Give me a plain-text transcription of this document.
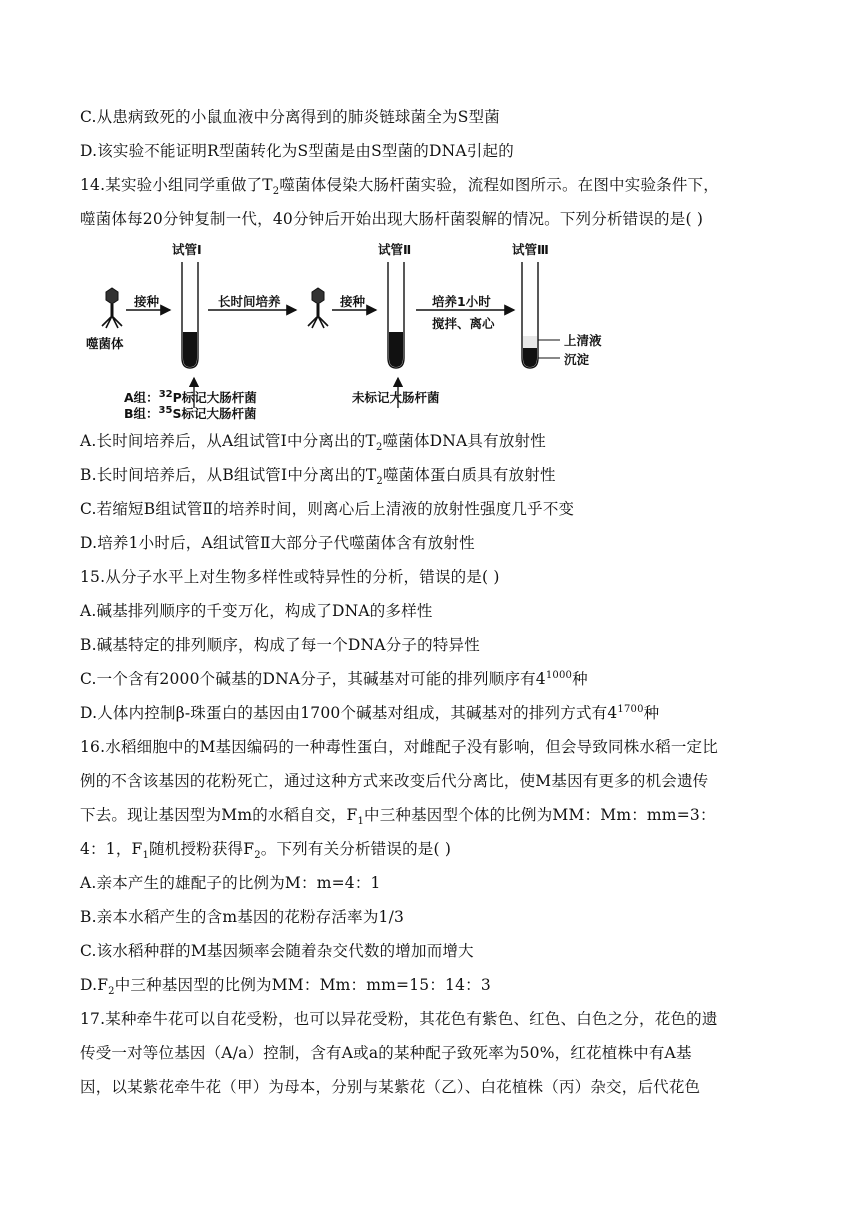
C.从患病致死的小鼠血液中分离得到的肺炎链球菌全为S型菌
D.该实验不能证明R型菌转化为S型菌是由S型菌的DNA引起的
14.某实验小组同学重做了$T_2$噬菌体侵染大肠杆菌实验，流程如图所示。在图中实验条件下，
噬菌体每20分钟复制一代，40分钟后开始出现大肠杆菌裂解的情况。下列分析错误的是( )
试管Ⅰ	试管Ⅱ	试管Ⅲ
噬菌体
接种	长时间培养	接种	培养1小时
搅拌、离心
上清液
沉淀
A组：$^{32}$P标记大肠杆菌
B组：$^{35}$S标记大肠杆菌
未标记大肠杆菌
A.长时间培养后，从A组试管I中分离出的$T_2$噬菌体DNA具有放射性
B.长时间培养后，从B组试管I中分离出的$T_2$噬菌体蛋白质具有放射性
C.若缩短B组试管Ⅱ的培养时间，则离心后上清液的放射性强度几乎不变
D.培养1小时后，A组试管Ⅱ大部分子代噬菌体含有放射性
15.从分子水平上对生物多样性或特异性的分析，错误的是( )
A.碱基排列顺序的千变万化，构成了DNA的多样性
B.碱基特定的排列顺序，构成了每一个DNA分子的特异性
C.一个含有2000个碱基的DNA分子，其碱基对可能的排列顺序有$4^{1000}$种
D.人体内控制β-珠蛋白的基因由1700个碱基对组成，其碱基对的排列方式有$4^{1700}$种
16.水稻细胞中的M基因编码的一种毒性蛋白，对雌配子没有影响，但会导致同株水稻一定比
例的不含该基因的花粉死亡，通过这种方式来改变后代分离比，使M基因有更多的机会遗传
下去。现让基因型为Mm的水稻自交，$F_1$中三种基因型个体的比例为MM：Mm：mm=3：
4：1，$F_1$随机授粉获得$F_2$。下列有关分析错误的是( )
A.亲本产生的雄配子的比例为M：m=4：1
B.亲本水稻产生的含m基因的花粉存活率为1/3
C.该水稻种群的M基因频率会随着杂交代数的增加而增大
$D.F_2$中三种基因型的比例为MM：Mm：mm=15：14：3
17.某种牵牛花可以自花受粉，也可以异花受粉，其花色有紫色、红色、白色之分，花色的遗
传受一对等位基因（A/a）控制，含有A或a的某种配子致死率为50%，红花植株中有A基
因，以某紫花牵牛花（甲）为母本，分别与某紫花（乙）、白花植株（丙）杂交，后代花色
